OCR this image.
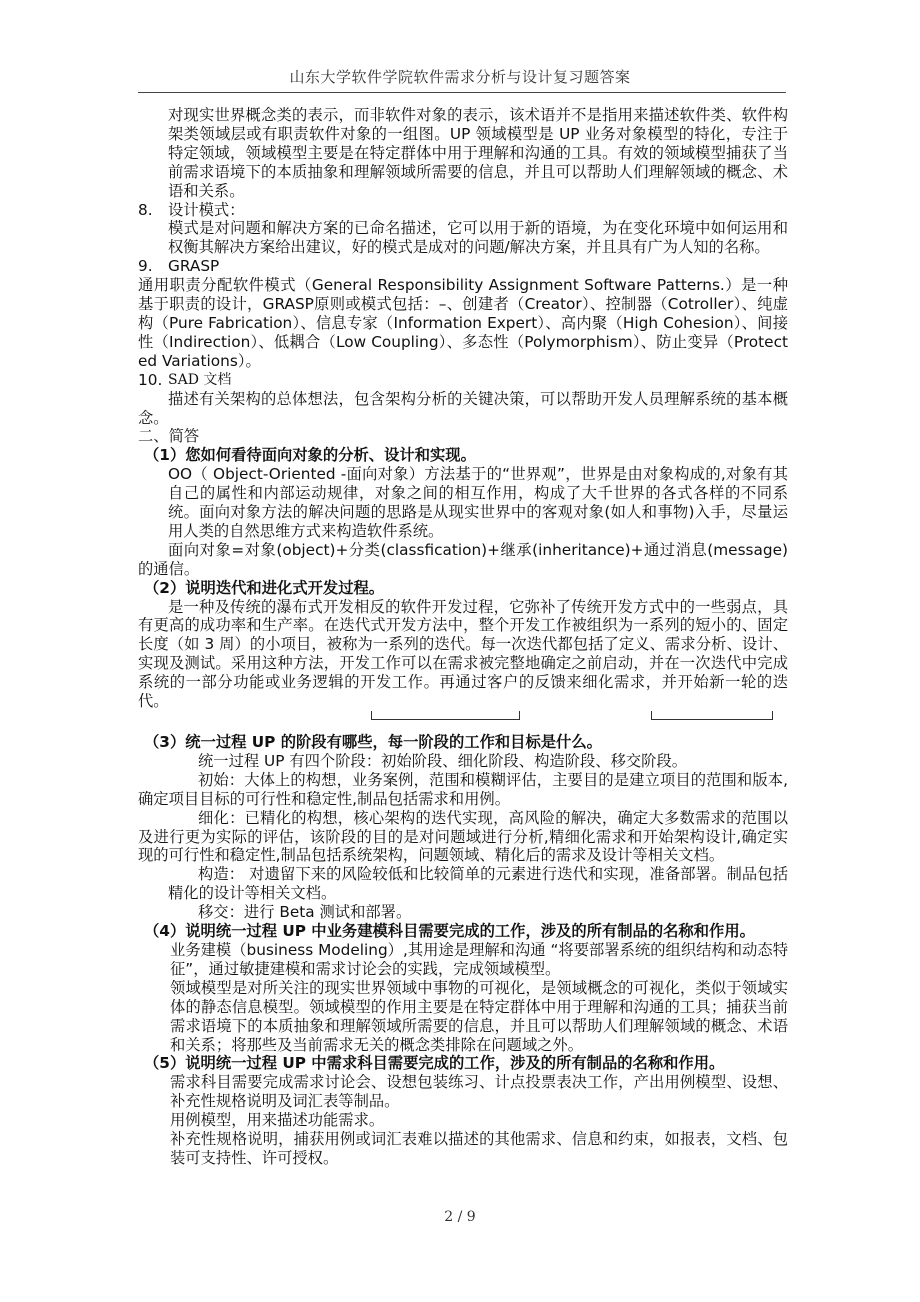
山东大学软件学院软件需求分析与设计复习题答案

对现实世界概念类的表示，而非软件对象的表示，该术语并不是指用来描述软件类、软件构架类领域层或有职责软件对象的一组图。UP 领域模型是 UP 业务对象模型的特化，专注于特定领域，领域模型主要是在特定群体中用于理解和沟通的工具。有效的领域模型捕获了当前需求语境下的本质抽象和理解领域所需要的信息，并且可以帮助人们理解领域的概念、术语和关系。

8.	设计模式：

模式是对问题和解决方案的已命名描述，它可以用于新的语境，为在变化环境中如何运用和权衡其解决方案给出建议，好的模式是成对的问题/解决方案，并且具有广为人知的名称。

9.	GRASP

通用职责分配软件模式（General Responsibility Assignment Software Patterns.）是一种基于职责的设计，GRASP原则或模式包括：–、创建者（Creator）、控制器（Cotroller）、纯虚构（Pure Fabrication）、信息专家（Information Expert）、高内聚（High Cohesion）、间接性（Indirection）、低耦合（Low Coupling）、多态性（Polymorphism）、防止变异（Protected Variations）。

10. SAD 文档

描述有关架构的总体想法，包含架构分析的关键决策，可以帮助开发人员理解系统的基本概念。

二、简答

（1）您如何看待面向对象的分析、设计和实现。

OO（ Object-Oriented -面向对象）方法基于的“世界观”，世界是由对象构成的,对象有其自己的属性和内部运动规律，对象之间的相互作用，构成了大千世界的各式各样的不同系统。面向对象方法的解决问题的思路是从现实世界中的客观对象(如人和事物)入手，尽量运用人类的自然思维方式来构造软件系统。

面向对象=对象(object)+分类(classfication)+继承(inheritance)+通过消息(message)的通信。

（2）说明迭代和进化式开发过程。

是一种及传统的瀑布式开发相反的软件开发过程，它弥补了传统开发方式中的一些弱点，具有更高的成功率和生产率。在迭代式开发方法中，整个开发工作被组织为一系列的短小的、固定长度（如 3 周）的小项目，被称为一系列的迭代。每一次迭代都包括了定义、需求分析、设计、实现及测试。采用这种方法，开发工作可以在需求被完整地确定之前启动，并在一次迭代中完成系统的一部分功能或业务逻辑的开发工作。再通过客户的反馈来细化需求，并开始新一轮的迭代。

（3）统一过程 UP 的阶段有哪些，每一阶段的工作和目标是什么。

统一过程 UP 有四个阶段：初始阶段、细化阶段、构造阶段、移交阶段。

初始：大体上的构想，业务案例，范围和模糊评估，主要目的是建立项目的范围和版本,确定项目目标的可行性和稳定性,制品包括需求和用例。

细化：已精化的构想，核心架构的迭代实现，高风险的解决，确定大多数需求的范围以及进行更为实际的评估，该阶段的目的是对问题域进行分析,精细化需求和开始架构设计,确定实现的可行性和稳定性,制品包括系统架构，问题领域、精化后的需求及设计等相关文档。

构造： 对遗留下来的风险较低和比较简单的元素进行迭代和实现，准备部署。制品包括精化的设计等相关文档。

移交：进行 Beta 测试和部署。

（4）说明统一过程 UP 中业务建模科目需要完成的工作，涉及的所有制品的名称和作用。

业务建模（business Modeling）,其用途是理解和沟通 “将要部署系统的组织结构和动态特征”，通过敏捷建模和需求讨论会的实践，完成领域模型。

领域模型是对所关注的现实世界领域中事物的可视化，是领域概念的可视化，类似于领域实体的静态信息模型。领域模型的作用主要是在特定群体中用于理解和沟通的工具；捕获当前需求语境下的本质抽象和理解领域所需要的信息，并且可以帮助人们理解领域的概念、术语和关系；将那些及当前需求无关的概念类排除在问题域之外。

（5）说明统一过程 UP 中需求科目需要完成的工作，涉及的所有制品的名称和作用。

需求科目需要完成需求讨论会、设想包装练习、计点投票表决工作，产出用例模型、设想、补充性规格说明及词汇表等制品。

用例模型，用来描述功能需求。

补充性规格说明，捕获用例或词汇表难以描述的其他需求、信息和约束，如报表，文档、包装可支持性、许可授权。

2 / 9
